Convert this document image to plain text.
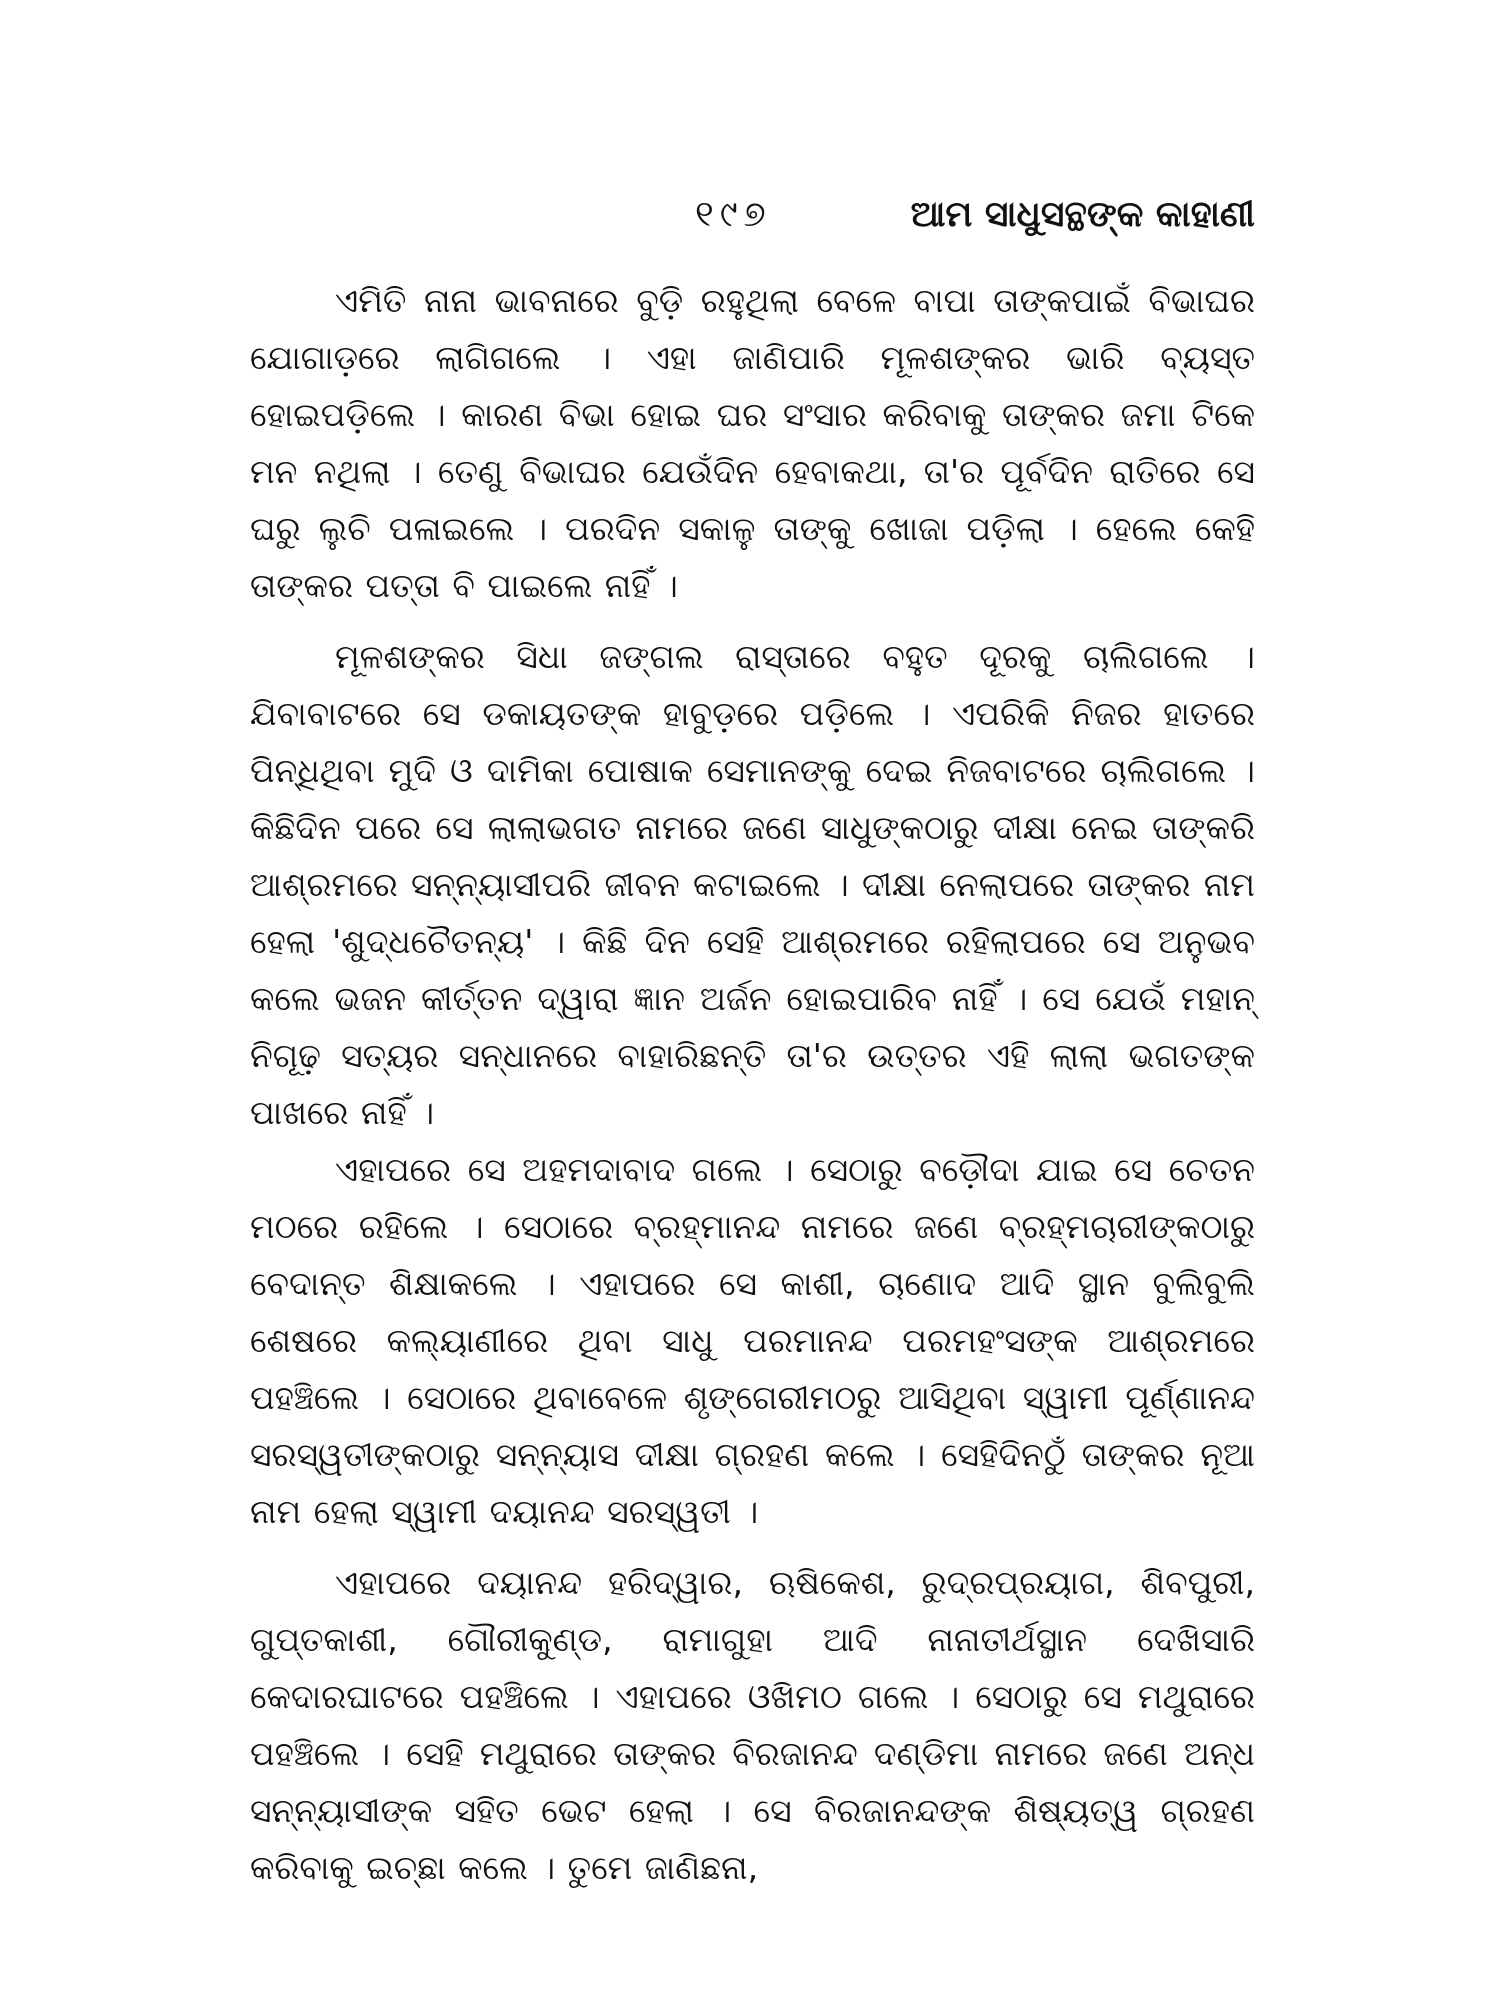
୧୯୭	ଆମ ସାଧୁସନ୍ଥଙ୍କ କାହାଣୀ

ଏମିତି ନାନା ଭାବନାରେ ବୁଡ଼ି ରହୁଥିଲା ବେଳେ ବାପା ତାଙ୍କପାଇଁ ବିଭାଘର ଯୋଗାଡ଼ରେ ଲାଗିଗଲେ । ଏହା ଜାଣିପାରି ମୂଳଶଙ୍କର ଭାରି ବ୍ୟସ୍ତ ହୋଇପଡ଼ିଲେ । କାରଣ ବିଭା ହୋଇ ଘର ସଂସାର କରିବାକୁ ତାଙ୍କର ଜମା ଟିକେ ମନ ନଥିଲା । ତେଣୁ ବିଭାଘର ଯେଉଁଦିନ ହେବାକଥା, ତା'ର ପୂର୍ବଦିନ ରାତିରେ ସେ ଘରୁ ଲୁଚି ପଳାଇଲେ । ପରଦିନ ସକାଳୁ ତାଙ୍କୁ ଖୋଜା ପଡ଼ିଲା । ହେଲେ କେହି ତାଙ୍କର ପତ୍ତା ବି ପାଇଲେ ନାହିଁ ।

ମୂଳଶଙ୍କର ସିଧା ଜଙ୍ଗଲ ରାସ୍ତାରେ ବହୁତ ଦୂରକୁ ଚାଲିଗଲେ । ଯିବାବାଟରେ ସେ ଡକାୟତଙ୍କ ହାବୁଡ଼ରେ ପଡ଼ିଲେ । ଏପରିକି ନିଜର ହାତରେ ପିନ୍ଧିଥିବା ମୁଦି ଓ ଦାମିକା ପୋଷାକ ସେମାନଙ୍କୁ ଦେଇ ନିଜବାଟରେ ଚାଲିଗଲେ । କିଛିଦିନ ପରେ ସେ ଲାଲାଭଗତ ନାମରେ ଜଣେ ସାଧୁଙ୍କଠାରୁ ଦୀକ୍ଷା ନେଇ ତାଙ୍କରି ଆଶ୍ରମରେ ସନ୍ନ୍ୟାସୀପରି ଜୀବନ କଟାଇଲେ । ଦୀକ୍ଷା ନେଲାପରେ ତାଙ୍କର ନାମ ହେଲା 'ଶୁଦ୍ଧଚୈତନ୍ୟ' । କିଛି ଦିନ ସେହି ଆଶ୍ରମରେ ରହିଲାପରେ ସେ ଅନୁଭବ କଲେ ଭଜନ କୀର୍ତ୍ତନ ଦ୍ୱାରା ଜ୍ଞାନ ଅର୍ଜନ ହୋଇପାରିବ ନାହିଁ । ସେ ଯେଉଁ ମହାନ୍ ନିଗୂଢ଼ ସତ୍ୟର ସନ୍ଧାନରେ ବାହାରିଛନ୍ତି ତା'ର ଉତ୍ତର ଏହି ଲାଲା ଭଗତଙ୍କ ପାଖରେ ନାହିଁ ।

ଏହାପରେ ସେ ଅହମଦାବାଦ ଗଲେ । ସେଠାରୁ ବଡ଼ୌଦା ଯାଇ ସେ ଚେତନ ମଠରେ ରହିଲେ । ସେଠାରେ ବ୍ରହ୍ମାନନ୍ଦ ନାମରେ ଜଣେ ବ୍ରହ୍ମଚାରୀଙ୍କଠାରୁ ବେଦାନ୍ତ ଶିକ୍ଷାକଲେ । ଏହାପରେ ସେ କାଶୀ, ଚାଣୋଦ ଆଦି ସ୍ଥାନ ବୁଲିବୁଲି ଶେଷରେ କଲ୍ୟାଣୀରେ ଥିବା ସାଧୁ ପରମାନନ୍ଦ ପରମହଂସଙ୍କ ଆଶ୍ରମରେ ପହଞ୍ଚିଲେ । ସେଠାରେ ଥିବାବେଳେ ଶୃଙ୍ଗେରୀମଠରୁ ଆସିଥିବା ସ୍ୱାମୀ ପୂର୍ଣ୍ଣାନନ୍ଦ ସରସ୍ୱତୀଙ୍କଠାରୁ ସନ୍ନ୍ୟାସ ଦୀକ୍ଷା ଗ୍ରହଣ କଲେ । ସେହିଦିନଠୁଁ ତାଙ୍କର ନୂଆ ନାମ ହେଲା ସ୍ୱାମୀ ଦୟାନନ୍ଦ ସରସ୍ୱତୀ ।

ଏହାପରେ ଦୟାନନ୍ଦ ହରିଦ୍ୱାର, ଋଷିକେଶ, ରୁଦ୍ରପ୍ରୟାଗ, ଶିବପୁରୀ, ଗୁପ୍ତକାଶୀ, ଗୌରୀକୁଣ୍ଡ, ରାମାଗୁହା ଆଦି ନାନାତୀର୍ଥସ୍ଥାନ ଦେଖିସାରି କେଦାରଘାଟରେ ପହଞ୍ଚିଲେ । ଏହାପରେ ଓଖିମଠ ଗଲେ । ସେଠାରୁ ସେ ମଥୁରାରେ ପହଞ୍ଚିଲେ । ସେହି ମଥୁରାରେ ତାଙ୍କର ବିରଜାନନ୍ଦ ଦଣ୍ଡିମା ନାମରେ ଜଣେ ଅନ୍ଧ ସନ୍ନ୍ୟାସୀଙ୍କ ସହିତ ଭେଟ ହେଲା । ସେ ବିରଜାନନ୍ଦଙ୍କ ଶିଷ୍ୟତ୍ୱ ଗ୍ରହଣ କରିବାକୁ ଇଚ୍ଛା କଲେ । ତୁମେ ଜାଣିଛନା,
